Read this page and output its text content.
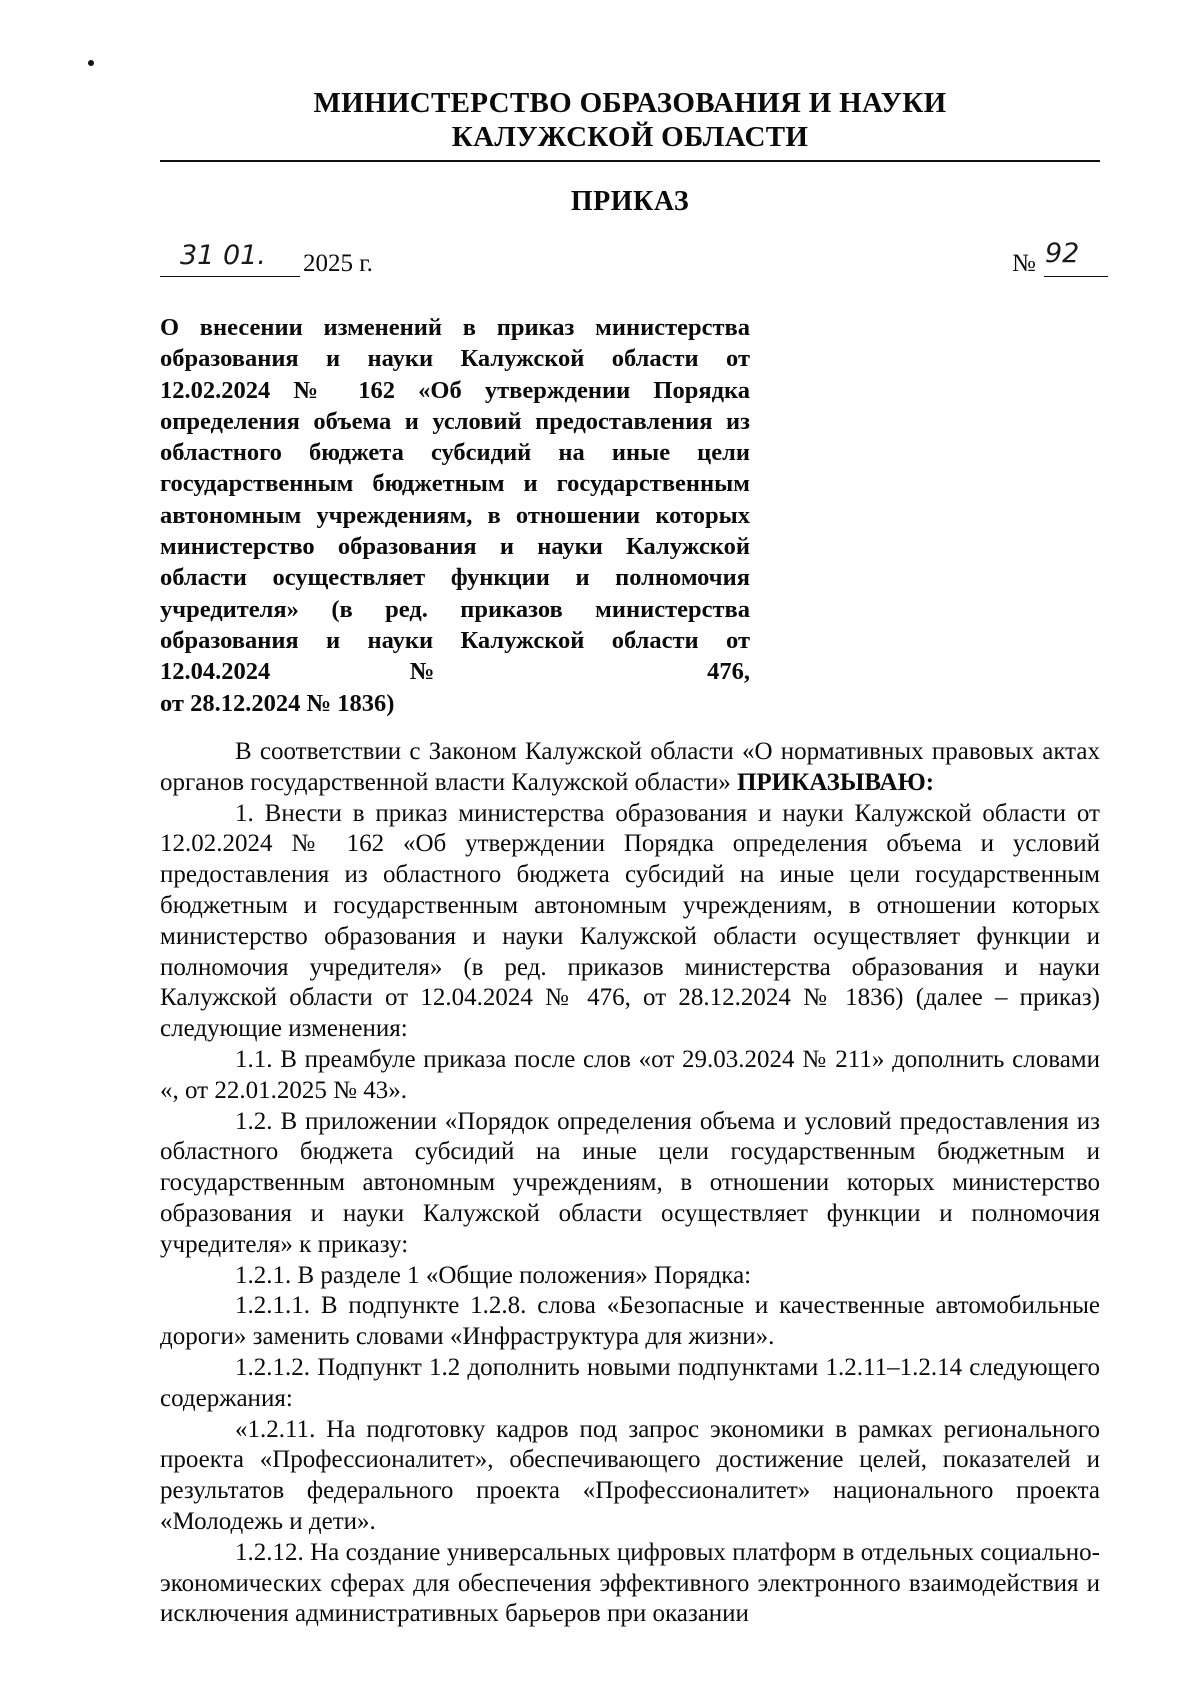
МИНИСТЕРСТВО ОБРАЗОВАНИЯ И НАУКИ
КАЛУЖСКОЙ ОБЛАСТИ
ПРИКАЗ
31 01. 2025 г.	№ 92
О внесении изменений в приказ министерства образования и науки Калужской области от 12.02.2024 № 162 «Об утверждении Порядка определения объема и условий предоставления из областного бюджета субсидий на иные цели государственным бюджетным и государственным автономным учреждениям, в отношении которых министерство образования и науки Калужской области осуществляет функции и полномочия учредителя» (в ред. приказов министерства образования и науки Калужской области от 12.04.2024 № 476,
от 28.12.2024 № 1836)

В соответствии с Законом Калужской области «О нормативных правовых актах органов государственной власти Калужской области» ПРИКАЗЫВАЮ:

1. Внести в приказ министерства образования и науки Калужской области от 12.02.2024 № 162 «Об утверждении Порядка определения объема и условий предоставления из областного бюджета субсидий на иные цели государственным бюджетным и государственным автономным учреждениям, в отношении которых министерство образования и науки Калужской области осуществляет функции и полномочия учредителя» (в ред. приказов министерства образования и науки Калужской области от 12.04.2024 № 476, от 28.12.2024 № 1836) (далее – приказ) следующие изменения:

1.1. В преамбуле приказа после слов «от 29.03.2024 № 211» дополнить словами «, от 22.01.2025 № 43».

1.2. В приложении «Порядок определения объема и условий предоставления из областного бюджета субсидий на иные цели государственным бюджетным и государственным автономным учреждениям, в отношении которых министерство образования и науки Калужской области осуществляет функции и полномочия учредителя» к приказу:

1.2.1. В разделе 1 «Общие положения» Порядка:

1.2.1.1. В подпункте 1.2.8. слова «Безопасные и качественные автомобильные дороги» заменить словами «Инфраструктура для жизни».

1.2.1.2. Подпункт 1.2 дополнить новыми подпунктами 1.2.11–1.2.14 следующего содержания:

«1.2.11. На подготовку кадров под запрос экономики в рамках регионального проекта «Профессионалитет», обеспечивающего достижение целей, показателей и результатов федерального проекта «Профессионалитет» национального проекта «Молодежь и дети».

1.2.12. На создание универсальных цифровых платформ в отдельных социально-экономических сферах для обеспечения эффективного электронного взаимодействия и исключения административных барьеров при оказании
